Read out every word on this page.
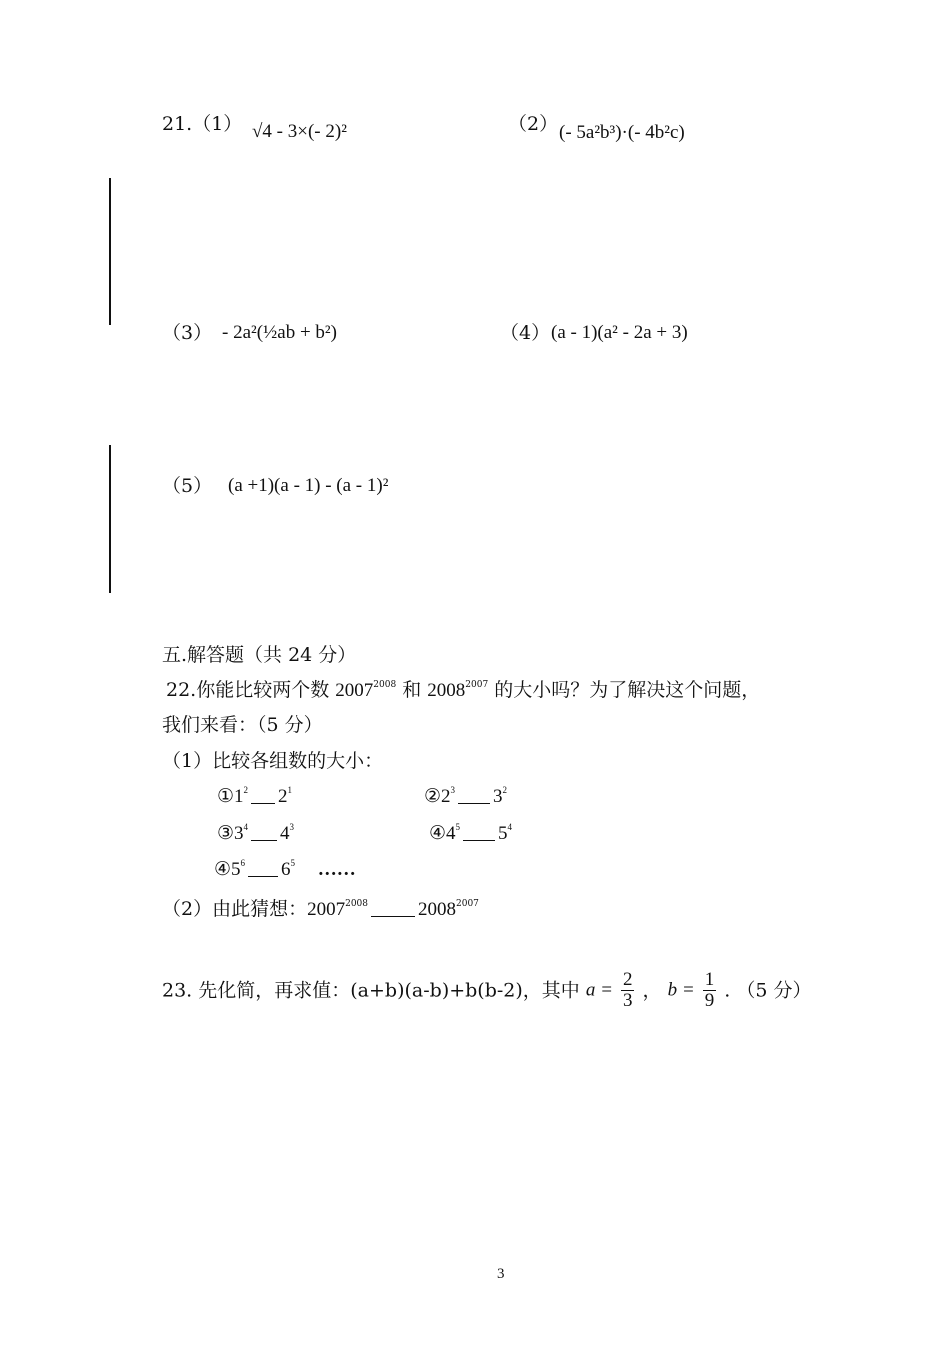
21.（1） √4 - 3×(- 2)²	（2） (- 5a²b³)·(- 4b²c)
（3） - 2a²(½ab + b²)	（4） (a - 1)(a² - 2a + 3)
（5） (a +1)(a - 1) - (a - 1)²
五.解答题（共 24 分）
22.你能比较两个数 $2007^{2008}$ 和 $2008^{2007}$ 的大小吗？为了解决这个问题，
我们来看：（5 分）
（1）比较各组数的大小：
$①1^2$ $2^1$	$②2^3$ $3^2$
$③3^4$ $4^3$	$④4^5$ $5^4$
$④5^6$ $6^5$ ……
（2）由此猜想：$2007^{2008}$	$2008^{2007}$
23. 先化简，再求值：(a+b)(a-b)+b(b-2)，其中 $a = \frac{2}{3}$ ， $b = \frac{1}{9}$ . （5 分）
3
